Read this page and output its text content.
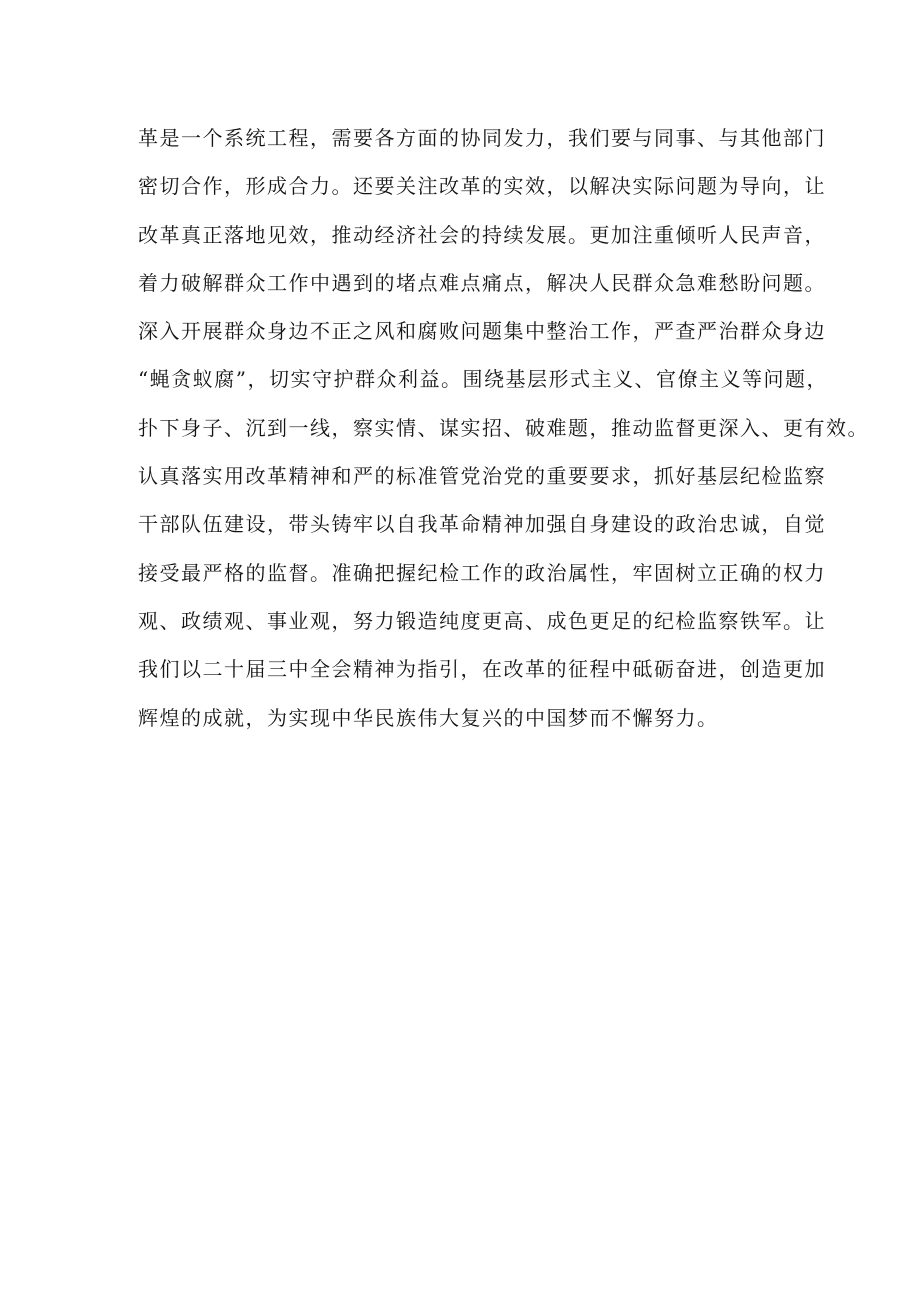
革是一个系统工程，需要各方面的协同发力，我们要与同事、与其他部门
密切合作，形成合力。还要关注改革的实效，以解决实际问题为导向，让
改革真正落地见效，推动经济社会的持续发展。更加注重倾听人民声音，
着力破解群众工作中遇到的堵点难点痛点，解决人民群众急难愁盼问题。
深入开展群众身边不正之风和腐败问题集中整治工作，严查严治群众身边
“蝇贪蚁腐”，切实守护群众利益。围绕基层形式主义、官僚主义等问题，
扑下身子、沉到一线，察实情、谋实招、破难题，推动监督更深入、更有效。
认真落实用改革精神和严的标准管党治党的重要要求，抓好基层纪检监察
干部队伍建设，带头铸牢以自我革命精神加强自身建设的政治忠诚，自觉
接受最严格的监督。准确把握纪检工作的政治属性，牢固树立正确的权力
观、政绩观、事业观，努力锻造纯度更高、成色更足的纪检监察铁军。让
我们以二十届三中全会精神为指引，在改革的征程中砥砺奋进，创造更加
辉煌的成就，为实现中华民族伟大复兴的中国梦而不懈努力。
